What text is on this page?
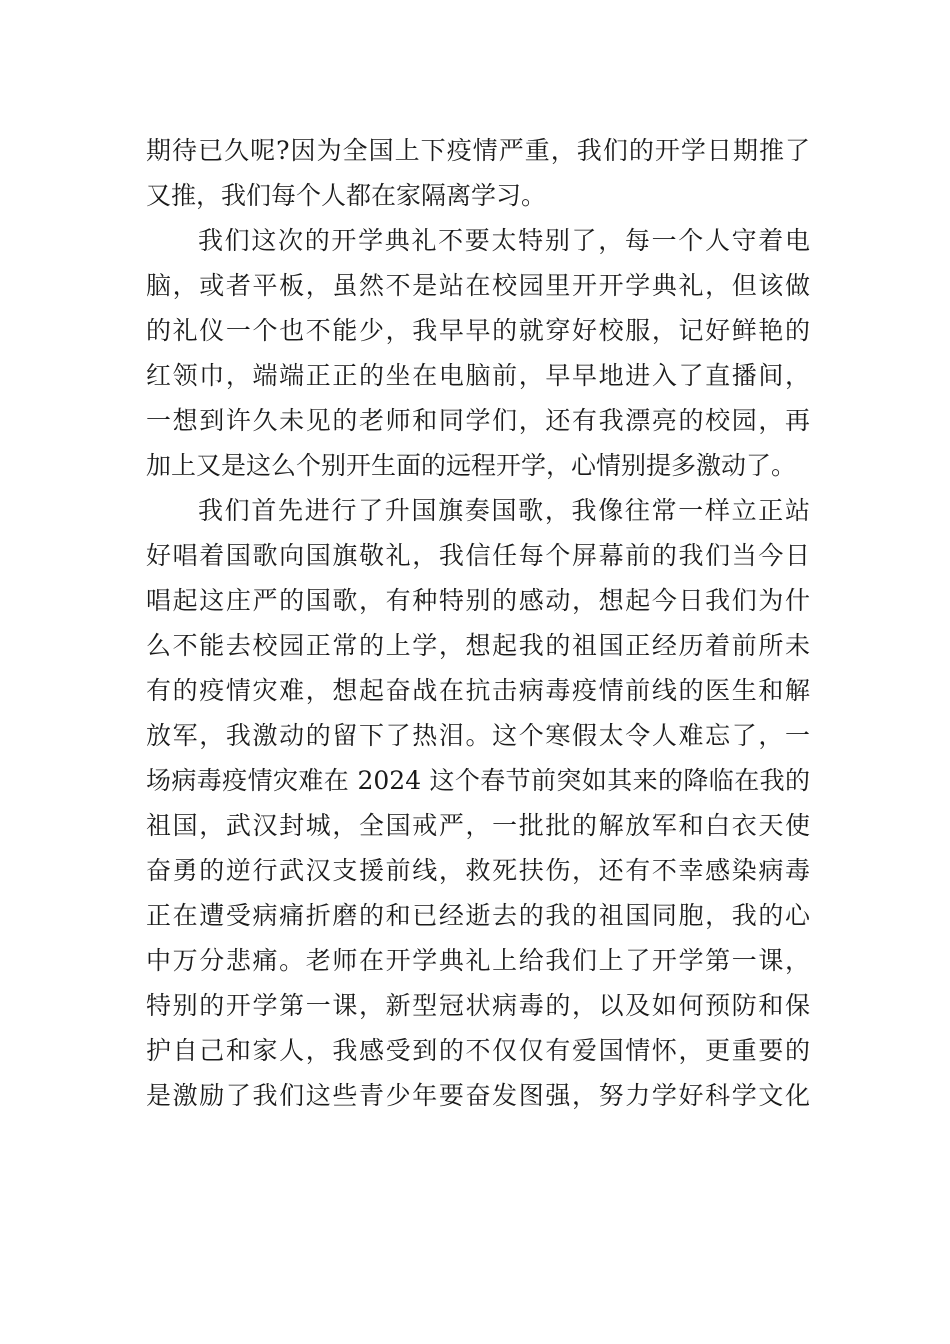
期待已久呢?因为全国上下疫情严重，我们的开学日期推了
又推，我们每个人都在家隔离学习。
我们这次的开学典礼不要太特别了，每一个人守着电
脑，或者平板，虽然不是站在校园里开开学典礼，但该做
的礼仪一个也不能少，我早早的就穿好校服，记好鲜艳的
红领巾，端端正正的坐在电脑前，早早地进入了直播间，
一想到许久未见的老师和同学们，还有我漂亮的校园，再
加上又是这么个别开生面的远程开学，心情别提多激动了。
我们首先进行了升国旗奏国歌，我像往常一样立正站
好唱着国歌向国旗敬礼，我信任每个屏幕前的我们当今日
唱起这庄严的国歌，有种特别的感动，想起今日我们为什
么不能去校园正常的上学，想起我的祖国正经历着前所未
有的疫情灾难，想起奋战在抗击病毒疫情前线的医生和解
放军，我激动的留下了热泪。这个寒假太令人难忘了，一
场病毒疫情灾难在 2024 这个春节前突如其来的降临在我的
祖国，武汉封城，全国戒严，一批批的解放军和白衣天使
奋勇的逆行武汉支援前线，救死扶伤，还有不幸感染病毒
正在遭受病痛折磨的和已经逝去的我的祖国同胞，我的心
中万分悲痛。老师在开学典礼上给我们上了开学第一课，
特别的开学第一课，新型冠状病毒的，以及如何预防和保
护自己和家人，我感受到的不仅仅有爱国情怀，更重要的
是激励了我们这些青少年要奋发图强，努力学好科学文化
